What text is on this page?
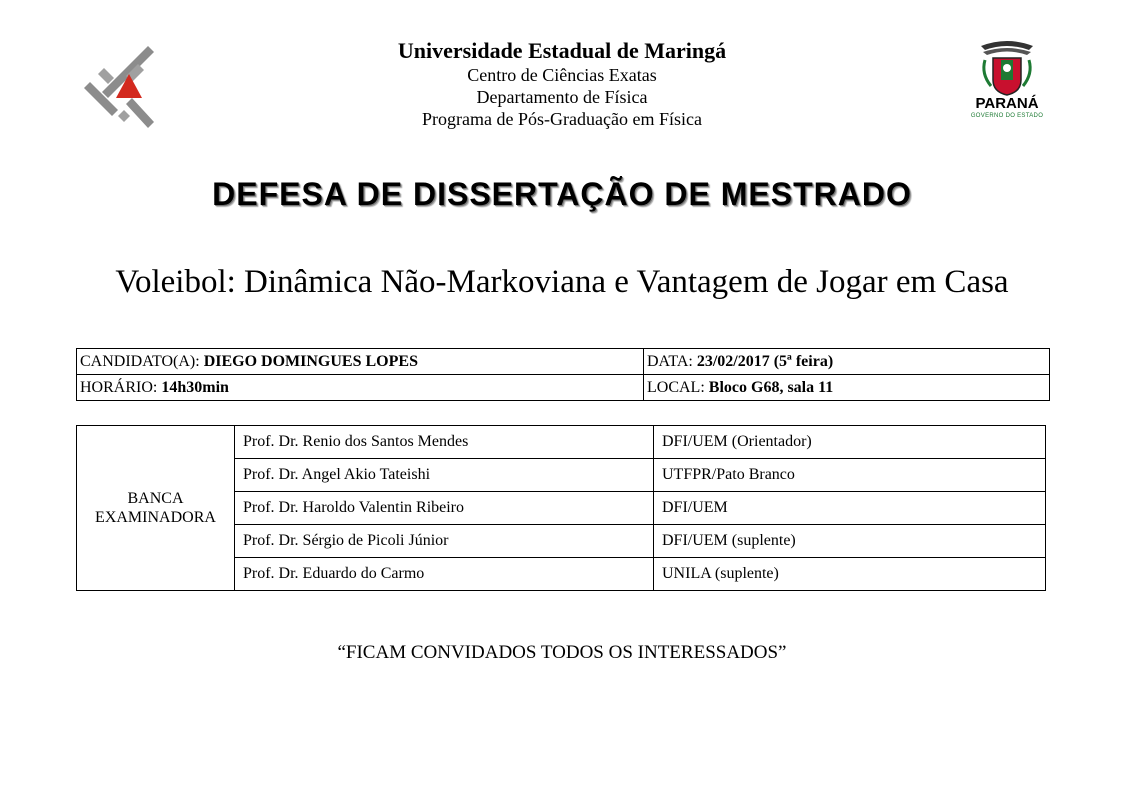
Universidade Estadual de Maringá
Centro de Ciências Exatas
Departamento de Física
Programa de Pós-Graduação em Física
PARANÁ
GOVERNO DO ESTADO
DEFESA DE DISSERTAÇÃO DE MESTRADO
Voleibol: Dinâmica Não-Markoviana e Vantagem de Jogar em Casa
CANDIDATO(A): DIEGO DOMINGUES LOPES	DATA: 23/02/2017 (5ª feira)
HORÁRIO: 14h30min	LOCAL: Bloco G68, sala 11
BANCA
EXAMINADORA	Prof. Dr. Renio dos Santos Mendes	DFI/UEM (Orientador)
	Prof. Dr. Angel Akio Tateishi	UTFPR/Pato Branco
	Prof. Dr. Haroldo Valentin Ribeiro	DFI/UEM
	Prof. Dr. Sérgio de Picoli Júnior	DFI/UEM (suplente)
	Prof. Dr. Eduardo do Carmo	UNILA (suplente)
“FICAM CONVIDADOS TODOS OS INTERESSADOS”
